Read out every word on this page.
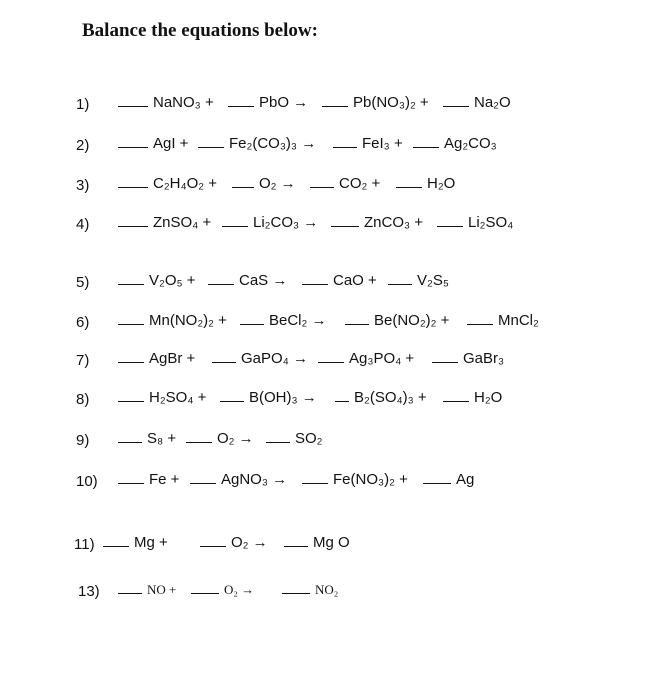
Balance the equations below:
1)	NaNO₃ +	PbO →	Pb(NO₃)₂ +	Na₂O
2)	AgI +	Fe₂(CO₃)₃ →	FeI₃ +	Ag₂CO₃
3)	C₂H₄O₂ +	O₂ →	CO₂ +	H₂O
4)	ZnSO₄ +	Li₂CO₃ →	ZnCO₃ +	Li₂SO₄
5)	V₂O₅ +	CaS →	CaO +	V₂S₅
6)	Mn(NO₂)₂ +	BeCl₂ →	Be(NO₂)₂ +	MnCl₂
7)	AgBr +	GaPO₄ →	Ag₃PO₄ +	GaBr₃
8)	H₂SO₄ +	B(OH)₃ →	B₂(SO₄)₃ +	H₂O
9)	S₈ +	O₂ →	SO₂
10)	Fe +	AgNO₃ →	Fe(NO₃)₂ +	Ag
11)	Mg +	O₂ →	Mg O
13)	NO +	O₂ →	NO₂
